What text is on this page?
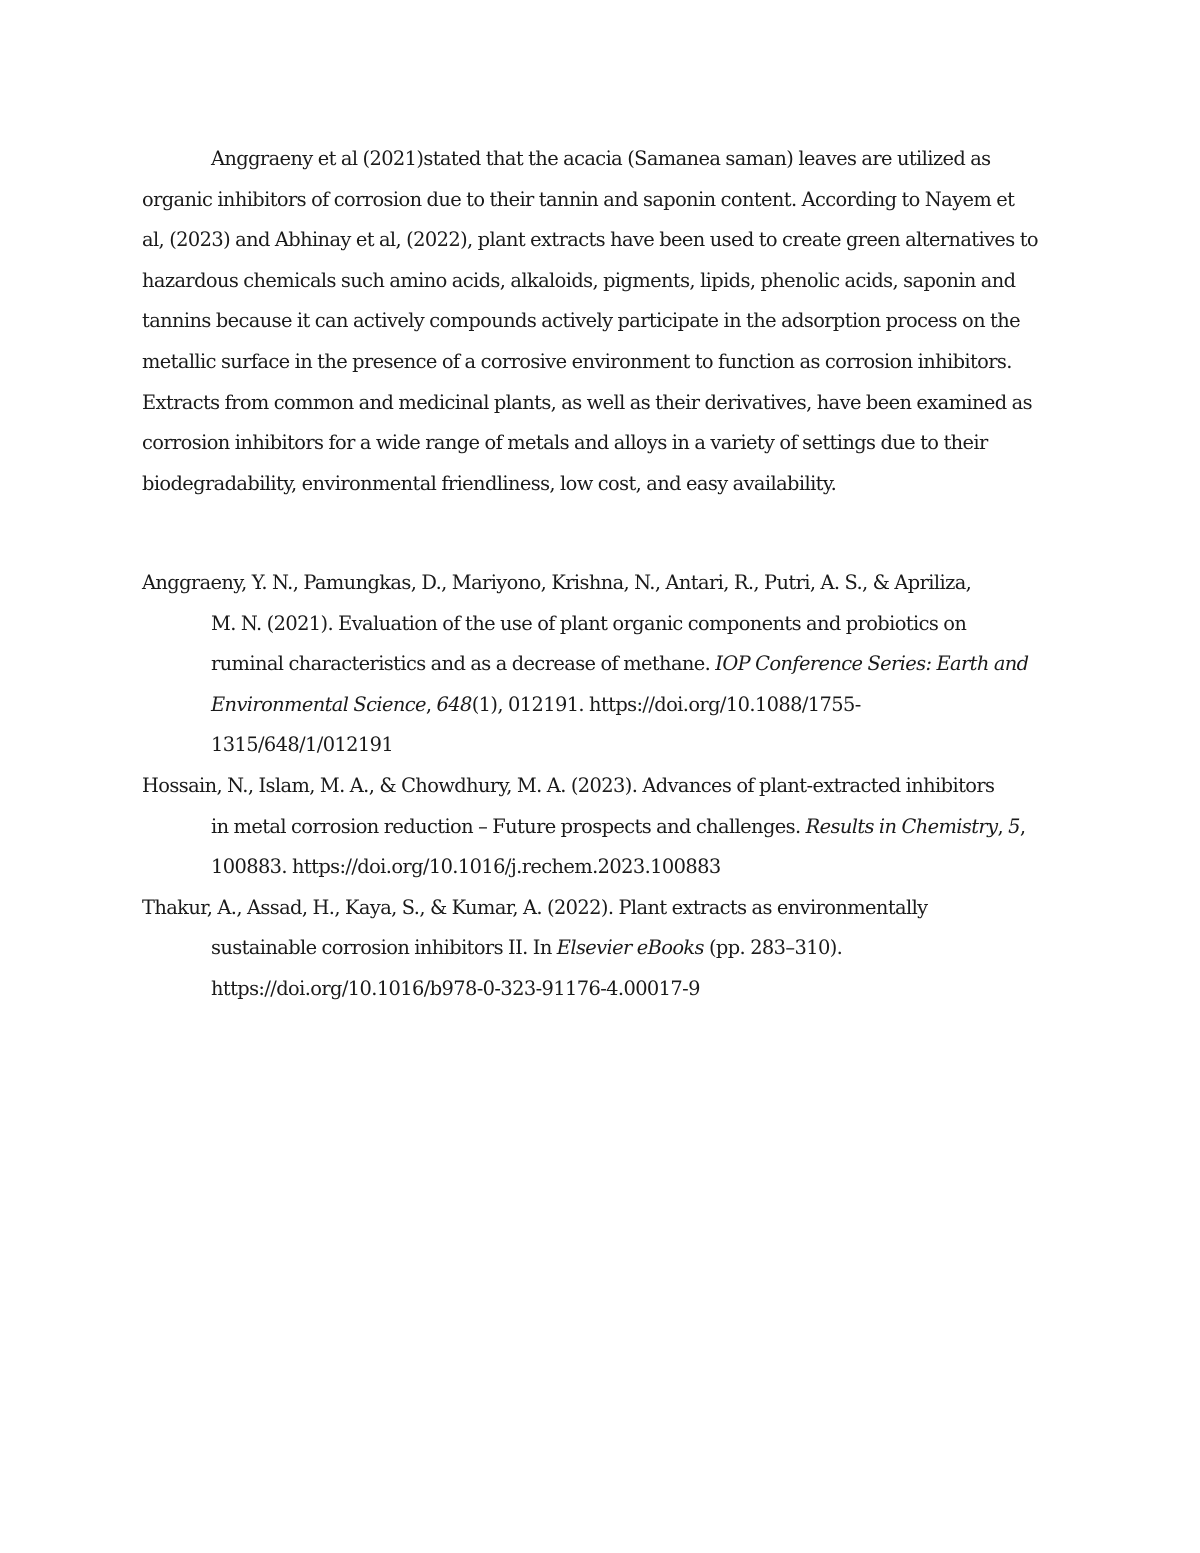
Anggraeny et al (2021)stated that the acacia (Samanea saman) leaves are utilized as
organic inhibitors of corrosion due to their tannin and saponin content. According to Nayem et
al, (2023) and Abhinay et al, (2022), plant extracts have been used to create green alternatives to
hazardous chemicals such amino acids, alkaloids, pigments, lipids, phenolic acids, saponin and
tannins because it can actively compounds actively participate in the adsorption process on the
metallic surface in the presence of a corrosive environment to function as corrosion inhibitors.
Extracts from common and medicinal plants, as well as their derivatives, have been examined as
corrosion inhibitors for a wide range of metals and alloys in a variety of settings due to their
biodegradability, environmental friendliness, low cost, and easy availability.

Anggraeny, Y. N., Pamungkas, D., Mariyono, Krishna, N., Antari, R., Putri, A. S., & Apriliza,
M. N. (2021). Evaluation of the use of plant organic components and probiotics on
ruminal characteristics and as a decrease of methane. IOP Conference Series: Earth and
Environmental Science, 648(1), 012191. https://doi.org/10.1088/1755-
1315/648/1/012191
Hossain, N., Islam, M. A., & Chowdhury, M. A. (2023). Advances of plant-extracted inhibitors
in metal corrosion reduction – Future prospects and challenges. Results in Chemistry, 5,
100883. https://doi.org/10.1016/j.rechem.2023.100883
Thakur, A., Assad, H., Kaya, S., & Kumar, A. (2022). Plant extracts as environmentally
sustainable corrosion inhibitors II. In Elsevier eBooks (pp. 283–310).
https://doi.org/10.1016/b978-0-323-91176-4.00017-9
